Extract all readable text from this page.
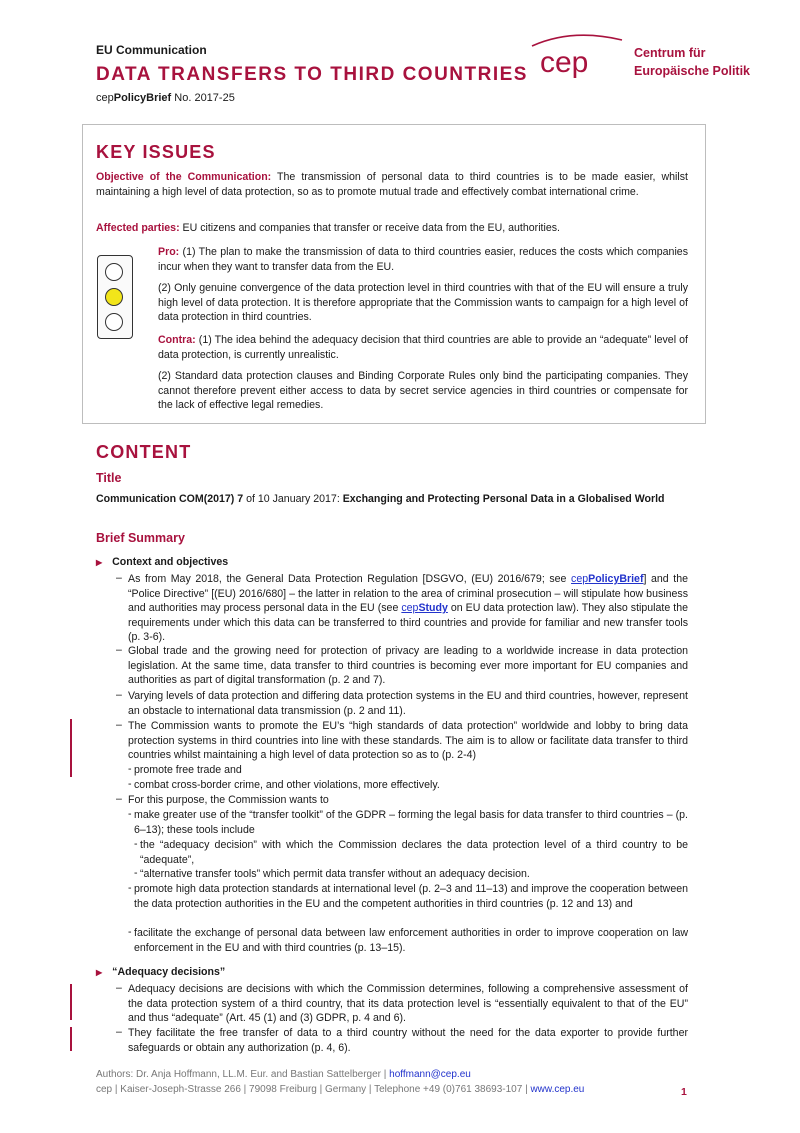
EU Communication
DATA TRANSFERS TO THIRD COUNTRIES
cepPolicyBrief No. 2017-25
cep	Centrum für
Europäische Politik
KEY ISSUES
Objective of the Communication: The transmission of personal data to third countries is to be made easier, whilst maintaining a high level of data protection, so as to promote mutual trade and effectively combat international crime.
Affected parties: EU citizens and companies that transfer or receive data from the EU, authorities.
Pro: (1) The plan to make the transmission of data to third countries easier, reduces the costs which companies incur when they want to transfer data from the EU.
(2) Only genuine convergence of the data protection level in third countries with that of the EU will ensure a truly high level of data protection. It is therefore appropriate that the Commission wants to campaign for a high level of data protection in third countries.
Contra: (1) The idea behind the adequacy decision that third countries are able to provide an “adequate” level of data protection, is currently unrealistic.
(2) Standard data protection clauses and Binding Corporate Rules only bind the participating companies. They cannot therefore prevent either access to data by secret service agencies in third countries or compensate for the lack of effective legal remedies.
CONTENT
Title
Communication COM(2017) 7 of 10 January 2017: Exchanging and Protecting Personal Data in a Globalised World
Brief Summary
▶ Context and objectives
– As from May 2018, the General Data Protection Regulation [DSGVO, (EU) 2016/679; see cepPolicyBrief] and the “Police Directive” [(EU) 2016/680] – the latter in relation to the area of criminal prosecution – will stipulate how business and authorities may process personal data in the EU (see cepStudy on EU data protection law). They also stipulate the requirements under which this data can be transferred to third countries and provide for familiar and new transfer tools (p. 3-6).
– Global trade and the growing need for protection of privacy are leading to a worldwide increase in data protection legislation. At the same time, data transfer to third countries is becoming ever more important for EU companies and authorities as part of digital transformation (p. 2 and 7).
– Varying levels of data protection and differing data protection systems in the EU and third countries, however, represent an obstacle to international data transmission (p. 2 and 11).
– The Commission wants to promote the EU’s “high standards of data protection” worldwide and lobby to bring data protection systems in third countries into line with these standards. The aim is to allow or facilitate data transfer to third countries whilst maintaining a high level of data protection so as to (p. 2-4)
- promote free trade and
- combat cross-border crime, and other violations, more effectively.
– For this purpose, the Commission wants to
- make greater use of the “transfer toolkit” of the GDPR – forming the legal basis for data transfer to third countries – (p. 6–13); these tools include
- the “adequacy decision” with which the Commission declares the data protection level of a third country to be “adequate”,
- “alternative transfer tools” which permit data transfer without an adequacy decision.
- promote high data protection standards at international level (p. 2–3 and 11–13) and improve the cooperation between the data protection authorities in the EU and the competent authorities in third countries (p. 12 and 13) and
- facilitate the exchange of personal data between law enforcement authorities in order to improve cooperation on law enforcement in the EU and with third countries (p. 13–15).
▶ “Adequacy decisions”
– Adequacy decisions are decisions with which the Commission determines, following a comprehensive assessment of the data protection system of a third country, that its data protection level is “essentially equivalent to that of the EU” and thus “adequate” (Art. 45 (1) and (3) GDPR, p. 4 and 6).
– They facilitate the free transfer of data to a third country without the need for the data exporter to provide further safeguards or obtain any authorization (p. 4, 6).
Authors: Dr. Anja Hoffmann, LL.M. Eur. and Bastian Sattelberger | hoffmann@cep.eu
cep | Kaiser-Joseph-Strasse 266 | 79098 Freiburg | Germany | Telephone +49 (0)761 38693-107 | www.cep.eu	1
